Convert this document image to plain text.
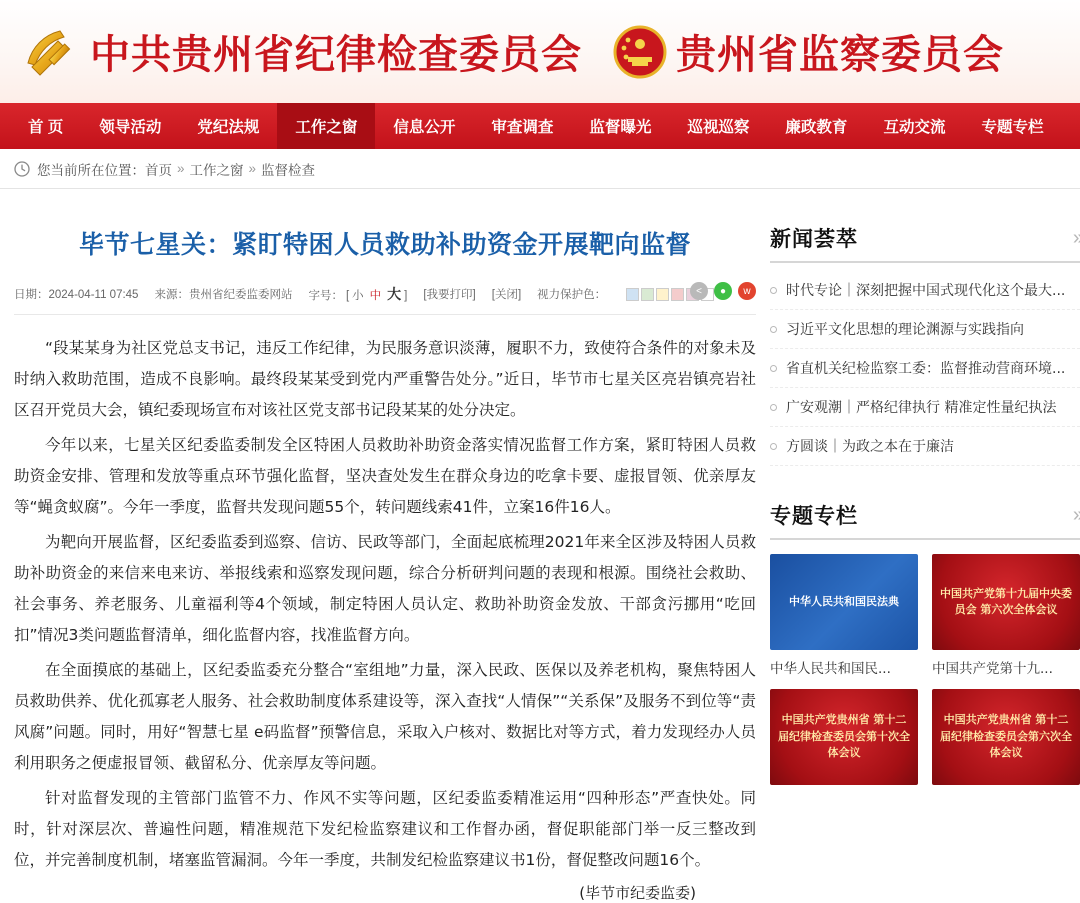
中共贵州省纪律检查委员会 贵州省监察委员会
首 页	领导活动	党纪法规	工作之窗	信息公开	审查调查	监督曝光	巡视巡察	廉政教育	互动交流	专题专栏
您当前所在位置： 首页 » 工作之窗 » 监督检查
毕节七星关：紧盯特困人员救助补助资金开展靶向监督
日期：2024-04-11 07:45 来源：贵州省纪委监委网站 字号： [ 小 中 大 ] [我要打印] [关闭] 视力保护色：	<	●	w

“段某某身为社区党总支书记，违反工作纪律，为民服务意识淡薄，履职不力，致使符合条件的对象未及时纳入救助范围，造成不良影响。最终段某某受到党内严重警告处分。”近日，毕节市七星关区亮岩镇亮岩社区召开党员大会，镇纪委现场宣布对该社区党支部书记段某某的处分决定。

今年以来，七星关区纪委监委制发全区特困人员救助补助资金落实情况监督工作方案，紧盯特困人员救助资金安排、管理和发放等重点环节强化监督，坚决查处发生在群众身边的吃拿卡要、虚报冒领、优亲厚友等“蝇贪蚁腐”。今年一季度，监督共发现问题55个，转问题线索41件，立案16件16人。

为靶向开展监督，区纪委监委到巡察、信访、民政等部门，全面起底梳理2021年来全区涉及特困人员救助补助资金的来信来电来访、举报线索和巡察发现问题，综合分析研判问题的表现和根源。围绕社会救助、社会事务、养老服务、儿童福利等4个领域，制定特困人员认定、救助补助资金发放、干部贪污挪用“吃回扣”情况3类问题监督清单，细化监督内容，找准监督方向。

在全面摸底的基础上，区纪委监委充分整合“室组地”力量，深入民政、医保以及养老机构，聚焦特困人员救助供养、优化孤寡老人服务、社会救助制度体系建设等，深入查找“人情保”“关系保”及服务不到位等“责风腐”问题。同时，用好“智慧七星 e码监督”预警信息，采取入户核对、数据比对等方式，着力发现经办人员利用职务之便虚报冒领、截留私分、优亲厚友等问题。

针对监督发现的主管部门监管不力、作风不实等问题，区纪委监委精准运用“四种形态”严查快处。同时，针对深层次、普遍性问题，精准规范下发纪检监察建议和工作督办函，督促职能部门举一反三整改到位，并完善制度机制，堵塞监管漏洞。今年一季度，共制发纪检监察建议书1份，督促整改问题16个。

(毕节市纪委监委)
新闻荟萃	»
时代专论｜深刻把握中国式现代化这个最大...
习近平文化思想的理论渊源与实践指向
省直机关纪检监察工委：监督推动营商环境...
广安观潮｜严格纪律执行 精准定性量纪执法
方圆谈｜为政之本在于廉洁
专题专栏	»
中华人民共和国民法典
中华人民共和国民...
中国共产党第十九届中央委员会 第六次全体会议
中国共产党第十九...
中国共产党贵州省 第十二届纪律检查委员会第十次全体会议
中国共产党贵州省 第十二届纪律检查委员会第六次全体会议
